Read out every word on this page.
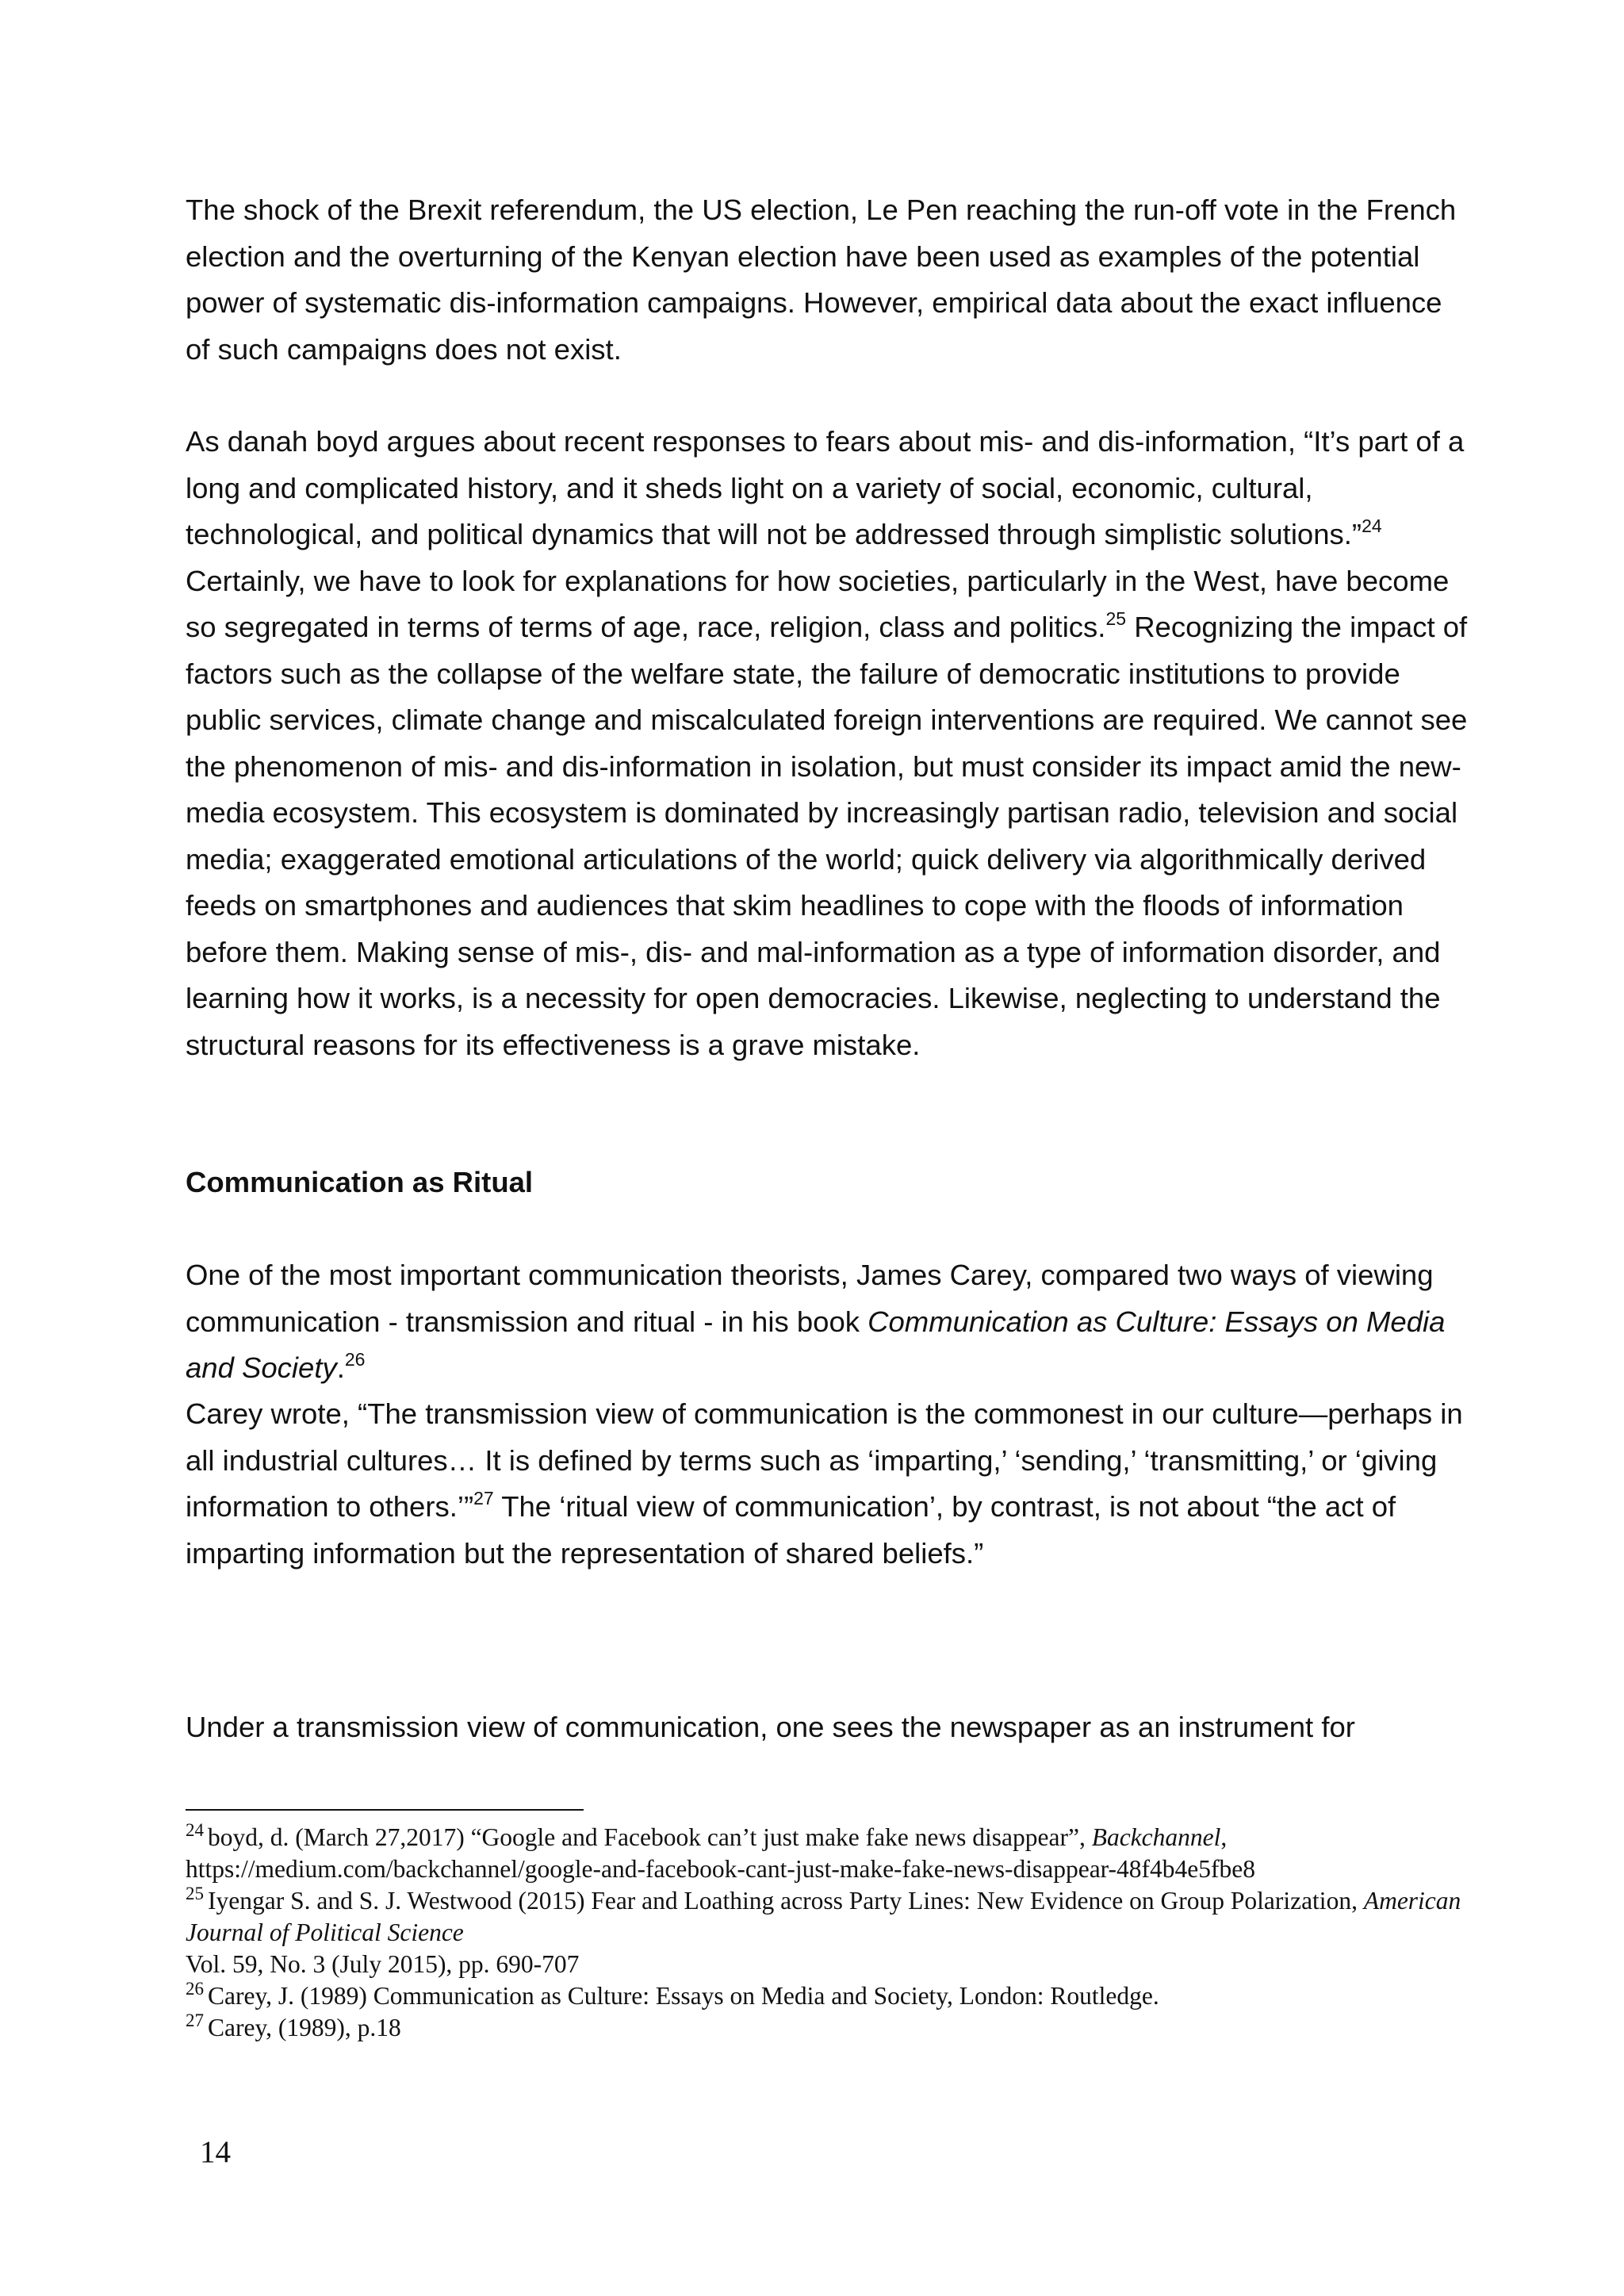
The shock of the Brexit referendum, the US election, Le Pen reaching the run-off vote in the French election and the overturning of the Kenyan election have been used as examples of the potential power of systematic dis-information campaigns. However, empirical data about the exact influence of such campaigns does not exist.

As danah boyd argues about recent responses to fears about mis- and dis-information, “It’s part of a long and complicated history, and it sheds light on a variety of social, economic, cultural, technological, and political dynamics that will not be addressed through simplistic solutions.”$^{24}$ Certainly, we have to look for explanations for how societies, particularly in the West, have become so segregated in terms of terms of age, race, religion, class and politics.$^{25}$ Recognizing the impact of factors such as the collapse of the welfare state, the failure of democratic institutions to provide public services, climate change and miscalculated foreign interventions are required. We cannot see the phenomenon of mis- and dis-information in isolation, but must consider its impact amid the new-media ecosystem. This ecosystem is dominated by increasingly partisan radio, television and social media; exaggerated emotional articulations of the world; quick delivery via algorithmically derived feeds on smartphones and audiences that skim headlines to cope with the floods of information before them. Making sense of mis-, dis- and mal-information as a type of information disorder, and learning how it works, is a necessity for open democracies. Likewise, neglecting to understand the structural reasons for its effectiveness is a grave mistake.

Communication as Ritual

One of the most important communication theorists, James Carey, compared two ways of viewing communication - transmission and ritual - in his book Communication as Culture: Essays on Media and Society.$^{26}$

Carey wrote, “The transmission view of communication is the commonest in our culture—perhaps in all industrial cultures… It is defined by terms such as ‘imparting,’ ‘sending,’ ‘transmitting,’ or ‘giving information to others.’”$^{27}$ The ‘ritual view of communication’, by contrast, is not about “the act of imparting information but the representation of shared beliefs.”

Under a transmission view of communication, one sees the newspaper as an instrument for

$^{24}$ boyd, d. (March 27,2017) “Google and Facebook can’t just make fake news disappear”, Backchannel,
https://medium.com/backchannel/google-and-facebook-cant-just-make-fake-news-disappear-48f4b4e5fbe8

$^{25}$ Iyengar S. and S. J. Westwood (2015) Fear and Loathing across Party Lines: New Evidence on Group Polarization, American Journal of Political Science
Vol. 59, No. 3 (July 2015), pp. 690-707

$^{26}$ Carey, J. (1989) Communication as Culture: Essays on Media and Society, London: Routledge.

$^{27}$ Carey, (1989), p.18

14
